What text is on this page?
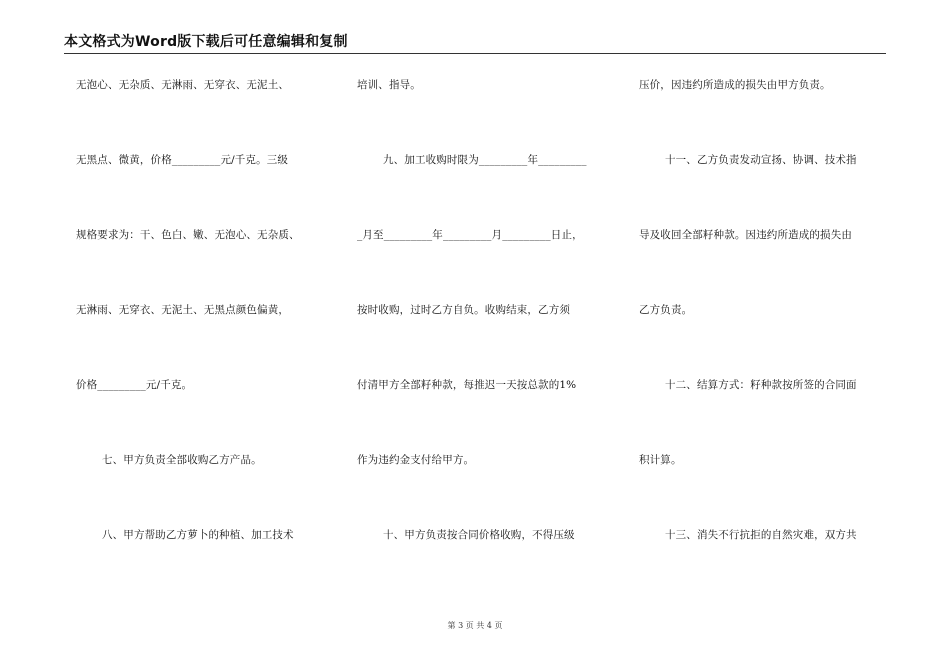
本文格式为Word版下载后可任意编辑和复制
无泡心、无杂质、无淋雨、无穿衣、无泥土、
无黑点、微黄，价格_________元/千克。三级
规格要求为：干、色白、嫩、无泡心、无杂质、
无淋雨、无穿衣、无泥土、无黑点颜色偏黄，
价格_________元/千克。
七、甲方负责全部收购乙方产品。
八、甲方帮助乙方萝卜的种植、加工技术
培训、指导。
九、加工收购时限为_________年_________
_月至_________年_________月_________日止，
按时收购，过时乙方自负。收购结束，乙方须
付清甲方全部籽种款，每推迟一天按总款的1%
作为违约金支付给甲方。
十、甲方负责按合同价格收购，不得压级
压价，因违约所造成的损失由甲方负责。
十一、乙方负责发动宣扬、协调、技术指
导及收回全部籽种款。因违约所造成的损失由
乙方负责。
十二、结算方式：籽种款按所签的合同面
积计算。
十三、消失不行抗拒的自然灾难，双方共
第 3 页 共 4 页
